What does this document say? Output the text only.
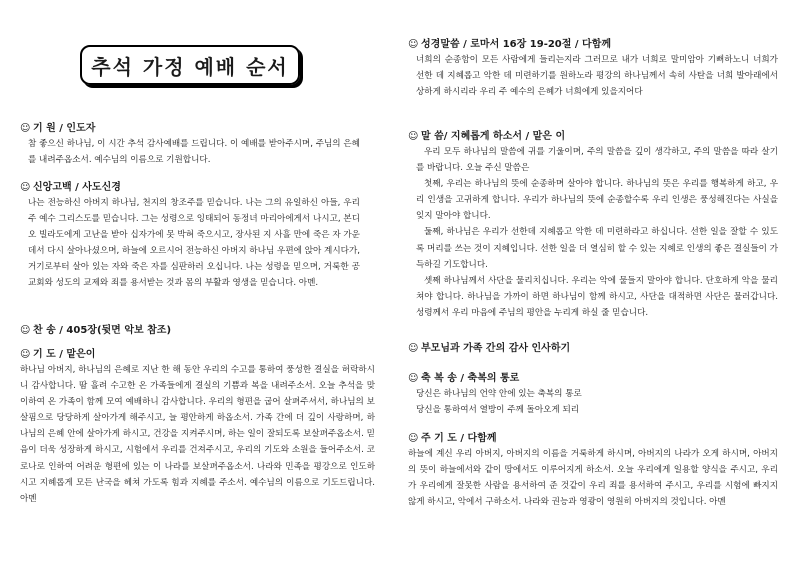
추석 가정 예배 순서
☺ 기 원 / 인도자

참 좋으신 하나님, 이 시간 추석 감사예배를 드립니다. 이 예배를 받아주시며, 주님의 은혜를 내려주옵소서. 예수님의 이름으로 기원합니다.

☺ 신앙고백 / 사도신경

나는 전능하신 아버지 하나님, 천지의 창조주를 믿습니다. 나는 그의 유일하신 아들, 우리 주 예수 그리스도를 믿습니다. 그는 성령으로 잉태되어 동정녀 마리아에게서 나시고, 본디오 빌라도에게 고난을 받아 십자가에 못 박혀 죽으시고, 장사된 지 사흘 만에 죽은 자 가운데서 다시 살아나셨으며, 하늘에 오르시어 전능하신 아버지 하나님 우편에 앉아 계시다가, 거기로부터 살아 있는 자와 죽은 자를 심판하러 오십니다. 나는 성령을 믿으며, 거룩한 공교회와 성도의 교제와 죄를 용서받는 것과 몸의 부활과 영생을 믿습니다. 아멘.

☺ 찬 송 / 405장(뒷면 악보 참조)
☺ 기 도 / 맡은이

하나님 아버지, 하나님의 은혜로 지난 한 해 동안 우리의 수고를 통하여 풍성한 결실을 허락하시니 감사합니다. 땀 흘려 수고한 온 가족들에게 결실의 기쁨과 복을 내려주소서. 오늘 추석을 맞이하여 온 가족이 함께 모여 예배하니 감사합니다. 우리의 형편을 굽어 살펴주셔서, 하나님의 보살핌으로 당당하게 살아가게 해주시고, 늘 평안하게 하옵소서. 가족 간에 더 깊이 사랑하며, 하나님의 은혜 안에 살아가게 하시고, 건강을 지켜주시며, 하는 일이 잘되도록 보살펴주옵소서. 믿음이 더욱 성장하게 하시고, 시험에서 우리를 건져주시고, 우리의 기도와 소원을 들어주소서. 코로나로 인하여 어려운 형편에 있는 이 나라를 보살펴주옵소서. 나라와 민족을 평강으로 인도하시고 지혜롭게 모든 난국을 헤쳐 가도록 힘과 지혜를 주소서. 예수님의 이름으로 기도드립니다. 아멘

☺ 성경말씀 / 로마서 16장 19-20절 / 다함께

너희의 순종함이 모든 사람에게 들리는지라 그러므로 내가 너희로 말미암아 기뻐하노니 너희가 선한 데 지혜롭고 악한 데 미련하기를 원하노라 평강의 하나님께서 속히 사탄을 너희 발아래에서 상하게 하시리라 우리 주 예수의 은혜가 너희에게 있을지어다

☺ 말 씀/ 지혜롭게 하소서 / 맡은 이

우리 모두 하나님의 말씀에 귀를 기울이며, 주의 말씀을 깊이 생각하고, 주의 말씀을 따라 살기를 바랍니다. 오늘 주신 말씀은

첫째, 우리는 하나님의 뜻에 순종하며 살아야 합니다. 하나님의 뜻은 우리를 행복하게 하고, 우리 인생을 고귀하게 합니다. 우리가 하나님의 뜻에 순종할수록 우리 인생은 풍성해진다는 사실을 잊지 말아야 합니다.

둘째, 하나님은 우리가 선한데 지혜롭고 악한 데 미련하라고 하십니다. 선한 일을 잘할 수 있도록 머리를 쓰는 것이 지혜입니다. 선한 일을 더 열심히 할 수 있는 지혜로 인생의 좋은 결실들이 가득하길 기도합니다.

셋째 하나님께서 사단을 물리치십니다. 우리는 악에 물들지 말아야 합니다. 단호하게 악을 물리쳐야 합니다. 하나님을 가까이 하면 하나님이 함께 하시고, 사단을 대적하면 사단은 물러갑니다. 성령께서 우리 마음에 주님의 평안을 누리게 하실 줄 믿습니다.

☺ 부모님과 가족 간의 감사 인사하기
☺ 축 복 송 / 축복의 통로
당신은 하나님의 언약 안에 있는 축복의 통로
당신을 통하여서 열방이 주께 돌아오게 되리
☺ 주 기 도 / 다함께

하늘에 계신 우리 아버지, 아버지의 이름을 거룩하게 하시며, 아버지의 나라가 오게 하시며, 아버지의 뜻이 하늘에서와 같이 땅에서도 이루어지게 하소서. 오늘 우리에게 일용할 양식을 주시고, 우리가 우리에게 잘못한 사람을 용서하여 준 것같이 우리 죄를 용서하여 주시고, 우리를 시험에 빠지지 않게 하시고, 악에서 구하소서. 나라와 권능과 영광이 영원히 아버지의 것입니다. 아멘
